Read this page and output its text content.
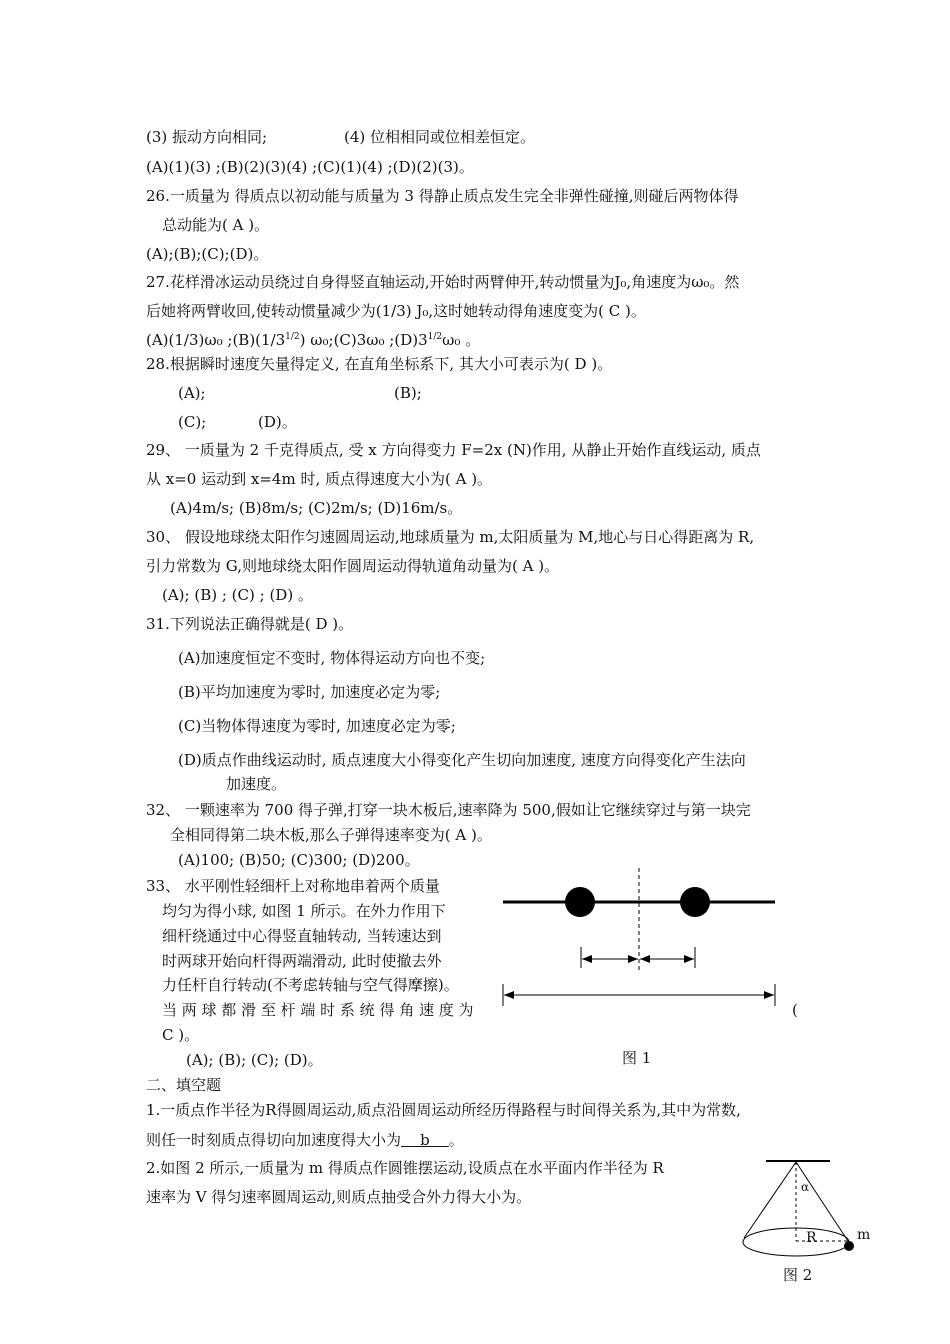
(3) 振动方向相同;	(4) 位相相同或位相差恒定。
(A)(1)(3) ;(B)(2)(3)(4) ;(C)(1)(4) ;(D)(2)(3)。
26.一质量为 得质点以初动能与质量为 3 得静止质点发生完全非弹性碰撞,则碰后两物体得
总动能为( A )。
(A);(B);(C);(D)。
27.花样滑冰运动员绕过自身得竖直轴运动,开始时两臂伸开,转动惯量为J₀,角速度为ω₀。然
后她将两臂收回,使转动惯量减少为(1/3) J₀,这时她转动得角速度变为( C )。
(A)(1/3)ω₀ $;(B)(1/3^{1/2})$ ω₀;(C)3ω₀ $;(D)3^{1/2}\omega_0$ 。
28.根据瞬时速度矢量得定义, 在直角坐标系下, 其大小可表示为( D )。
(A);	(B);
(C);	(D)。
29、 一质量为 2 千克得质点, 受 x 方向得变力 F=2x (N)作用, 从静止开始作直线运动, 质点
从 x=0 运动到 x=4m 时, 质点得速度大小为( A )。
(A)4m/s; (B)8m/s; (C)2m/s; (D)16m/s。
30、 假设地球绕太阳作匀速圆周运动,地球质量为 m,太阳质量为 M,地心与日心得距离为 R,
引力常数为 G,则地球绕太阳作圆周运动得轨道角动量为( A )。
(A); (B) ; (C) ; (D) 。
31.下列说法正确得就是( D )。
(A)加速度恒定不变时, 物体得运动方向也不变;
(B)平均加速度为零时, 加速度必定为零;
(C)当物体得速度为零时, 加速度必定为零;
(D)质点作曲线运动时, 质点速度大小得变化产生切向加速度, 速度方向得变化产生法向
加速度。
32、 一颗速率为 700 得子弹,打穿一块木板后,速率降为 500,假如让它继续穿过与第一块完
全相同得第二块木板,那么子弹得速率变为( A )。
(A)100; (B)50; (C)300; (D)200。
33、 水平刚性轻细杆上对称地串着两个质量
均匀为得小球, 如图 1 所示。在外力作用下
细杆绕通过中心得竖直轴转动, 当转速达到
时两球开始向杆得两端滑动, 此时使撤去外
力任杆自行转动(不考虑转轴与空气得摩擦)。
当 两 球 都 滑 至 杆 端 时 系 统 得 角 速 度 为	(
C )。
(A); (B); (C); (D)。	图 1
二、填空题
1.一质点作半径为R得圆周运动,质点沿圆周运动所经历得路程与时间得关系为,其中为常数,
则任一时刻质点得切向加速度得大小为    b    。
2.如图 2 所示,一质量为 m 得质点作圆锥摆运动,设质点在水平面内作半径为 R
速率为 V 得匀速率圆周运动,则质点抽受合外力得大小为。
α
R	m
图 2
